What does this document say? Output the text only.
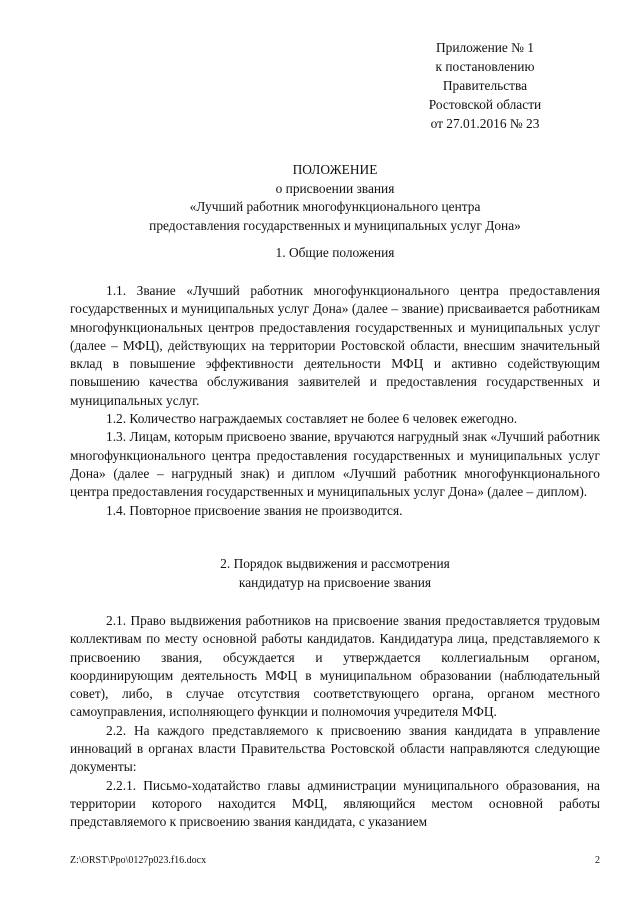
Приложение № 1
к постановлению
Правительства
Ростовской области
от 27.01.2016 № 23
ПОЛОЖЕНИЕ
о присвоении звания
«Лучший работник многофункционального центра
предоставления государственных и муниципальных услуг Дона»
1. Общие положения

1.1. Звание «Лучший работник многофункционального центра предоставления государственных и муниципальных услуг Дона» (далее – звание) присваивается работникам многофункциональных центров предоставления государственных и муниципальных услуг (далее – МФЦ), действующих на территории Ростовской области, внесшим значительный вклад в повышение эффективности деятельности МФЦ и активно содействующим повышению качества обслуживания заявителей и предоставления государственных и муниципальных услуг.

1.2. Количество награждаемых составляет не более 6 человек ежегодно.

1.3. Лицам, которым присвоено звание, вручаются нагрудный знак «Лучший работник многофункционального центра предоставления государственных и муниципальных услуг Дона» (далее – нагрудный знак) и диплом «Лучший работник многофункционального центра предоставления государственных и муниципальных услуг Дона» (далее – диплом).

1.4. Повторное присвоение звания не производится.

2. Порядок выдвижения и рассмотрения
кандидатур на присвоение звания

2.1. Право выдвижения работников на присвоение звания предоставляется трудовым коллективам по месту основной работы кандидатов. Кандидатура лица, представляемого к присвоению звания, обсуждается и утверждается коллегиальным органом, координирующим деятельность МФЦ в муниципальном образовании (наблюдательный совет), либо, в случае отсутствия соответствующего органа, органом местного самоуправления, исполняющего функции и полномочия учредителя МФЦ.

2.2. На каждого представляемого к присвоению звания кандидата в управление инноваций в органах власти Правительства Ростовской области направляются следующие документы:

2.2.1. Письмо-ходатайство главы администрации муниципального образования, на территории которого находится МФЦ, являющийся местом основной работы представляемого к присвоению звания кандидата, с указанием

Z:\ORST\Ppo\0127p023.f16.docx	2
